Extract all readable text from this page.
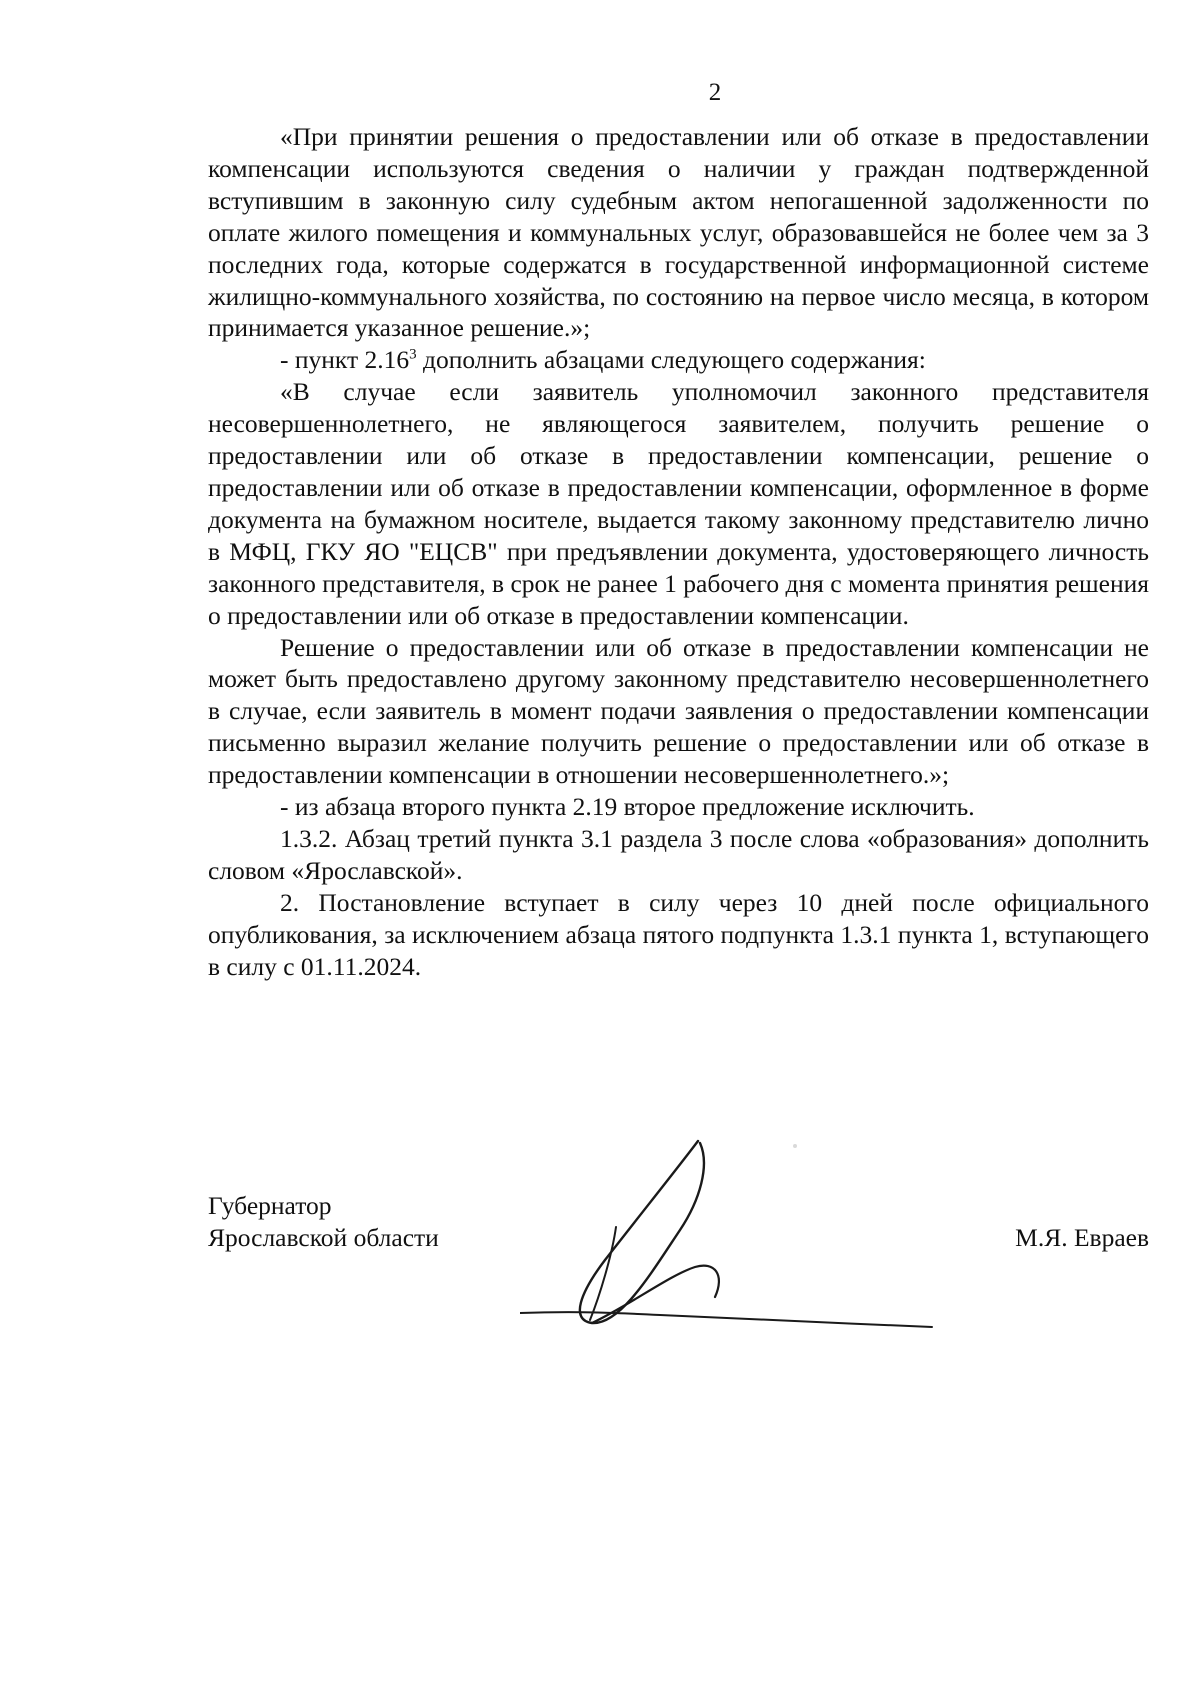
2

«При принятии решения о предоставлении или об отказе в предоставлении компенсации используются сведения о наличии у граждан подтвержденной вступившим в законную силу судебным актом непогашенной задолженности по оплате жилого помещения и коммунальных услуг, образовавшейся не более чем за 3 последних года, которые содержатся в государственной информационной системе жилищно-коммунального хозяйства, по состоянию на первое число месяца, в котором принимается указанное решение.»;

- пункт 2.16$^3$ дополнить абзацами следующего содержания:

«В случае если заявитель уполномочил законного представителя несовершеннолетнего, не являющегося заявителем, получить решение о предоставлении или об отказе в предоставлении компенсации, решение о предоставлении или об отказе в предоставлении компенсации, оформленное в форме документа на бумажном носителе, выдается такому законному представителю лично в МФЦ, ГКУ ЯО "ЕЦСВ" при предъявлении документа, удостоверяющего личность законного представителя, в срок не ранее 1 рабочего дня с момента принятия решения о предоставлении или об отказе в предоставлении компенсации.

Решение о предоставлении или об отказе в предоставлении компенсации не может быть предоставлено другому законному представителю несовершеннолетнего в случае, если заявитель в момент подачи заявления о предоставлении компенсации письменно выразил желание получить решение о предоставлении или об отказе в предоставлении компенсации в отношении несовершеннолетнего.»;

- из абзаца второго пункта 2.19 второе предложение исключить.

1.3.2. Абзац третий пункта 3.1 раздела 3 после слова «образования» дополнить словом «Ярославской».

2. Постановление вступает в силу через 10 дней после официального опубликования, за исключением абзаца пятого подпункта 1.3.1 пункта 1, вступающего в силу с 01.11.2024.

Губернатор
Ярославской области	М.Я. Евраев
